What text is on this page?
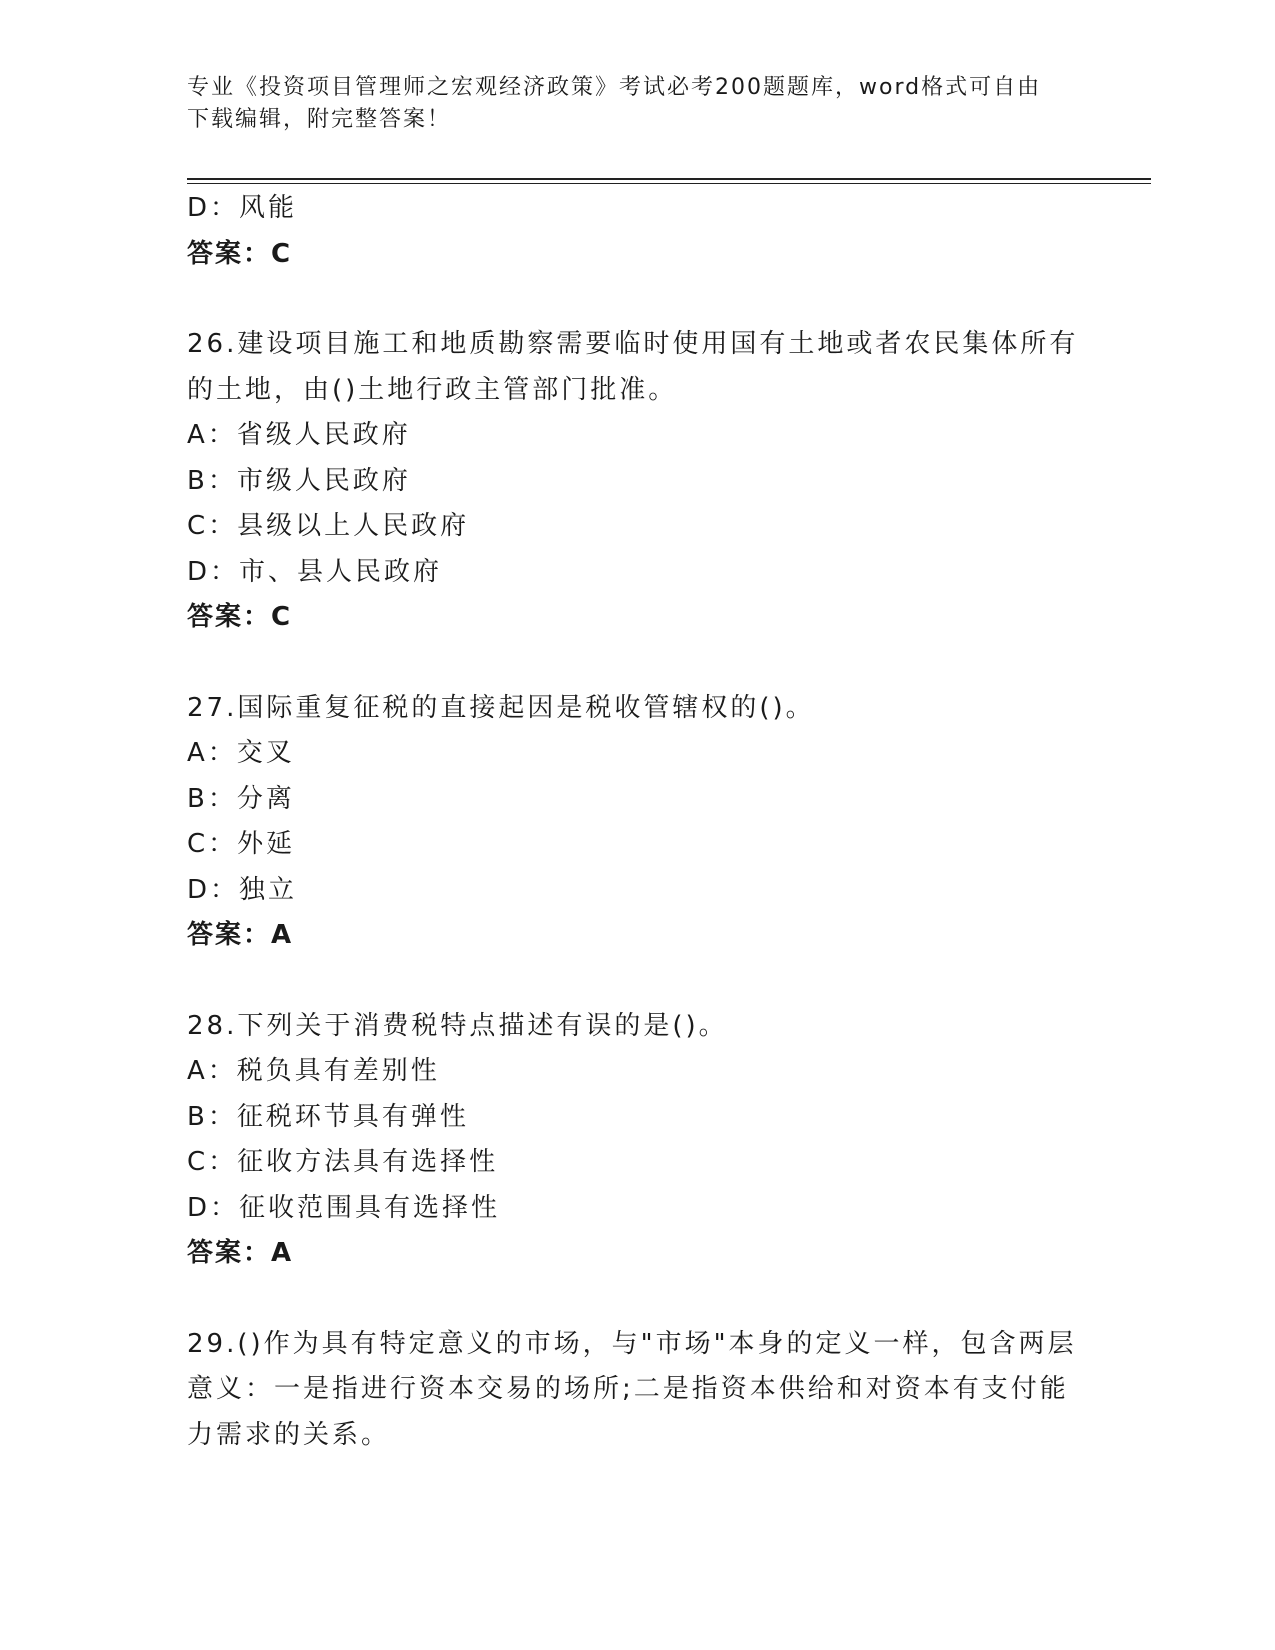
专业《投资项目管理师之宏观经济政策》考试必考200题题库，word格式可自由
下载编辑，附完整答案！
D：风能
答案：C
26.建设项目施工和地质勘察需要临时使用国有土地或者农民集体所有
的土地，由()土地行政主管部门批准。
A：省级人民政府
B：市级人民政府
C：县级以上人民政府
D：市、县人民政府
答案：C
27.国际重复征税的直接起因是税收管辖权的()。
A：交叉
B：分离
C：外延
D：独立
答案：A
28.下列关于消费税特点描述有误的是()。
A：税负具有差别性
B：征税环节具有弹性
C：征收方法具有选择性
D：征收范围具有选择性
答案：A
29.()作为具有特定意义的市场，与"市场"本身的定义一样，包含两层
意义：一是指进行资本交易的场所;二是指资本供给和对资本有支付能
力需求的关系。
